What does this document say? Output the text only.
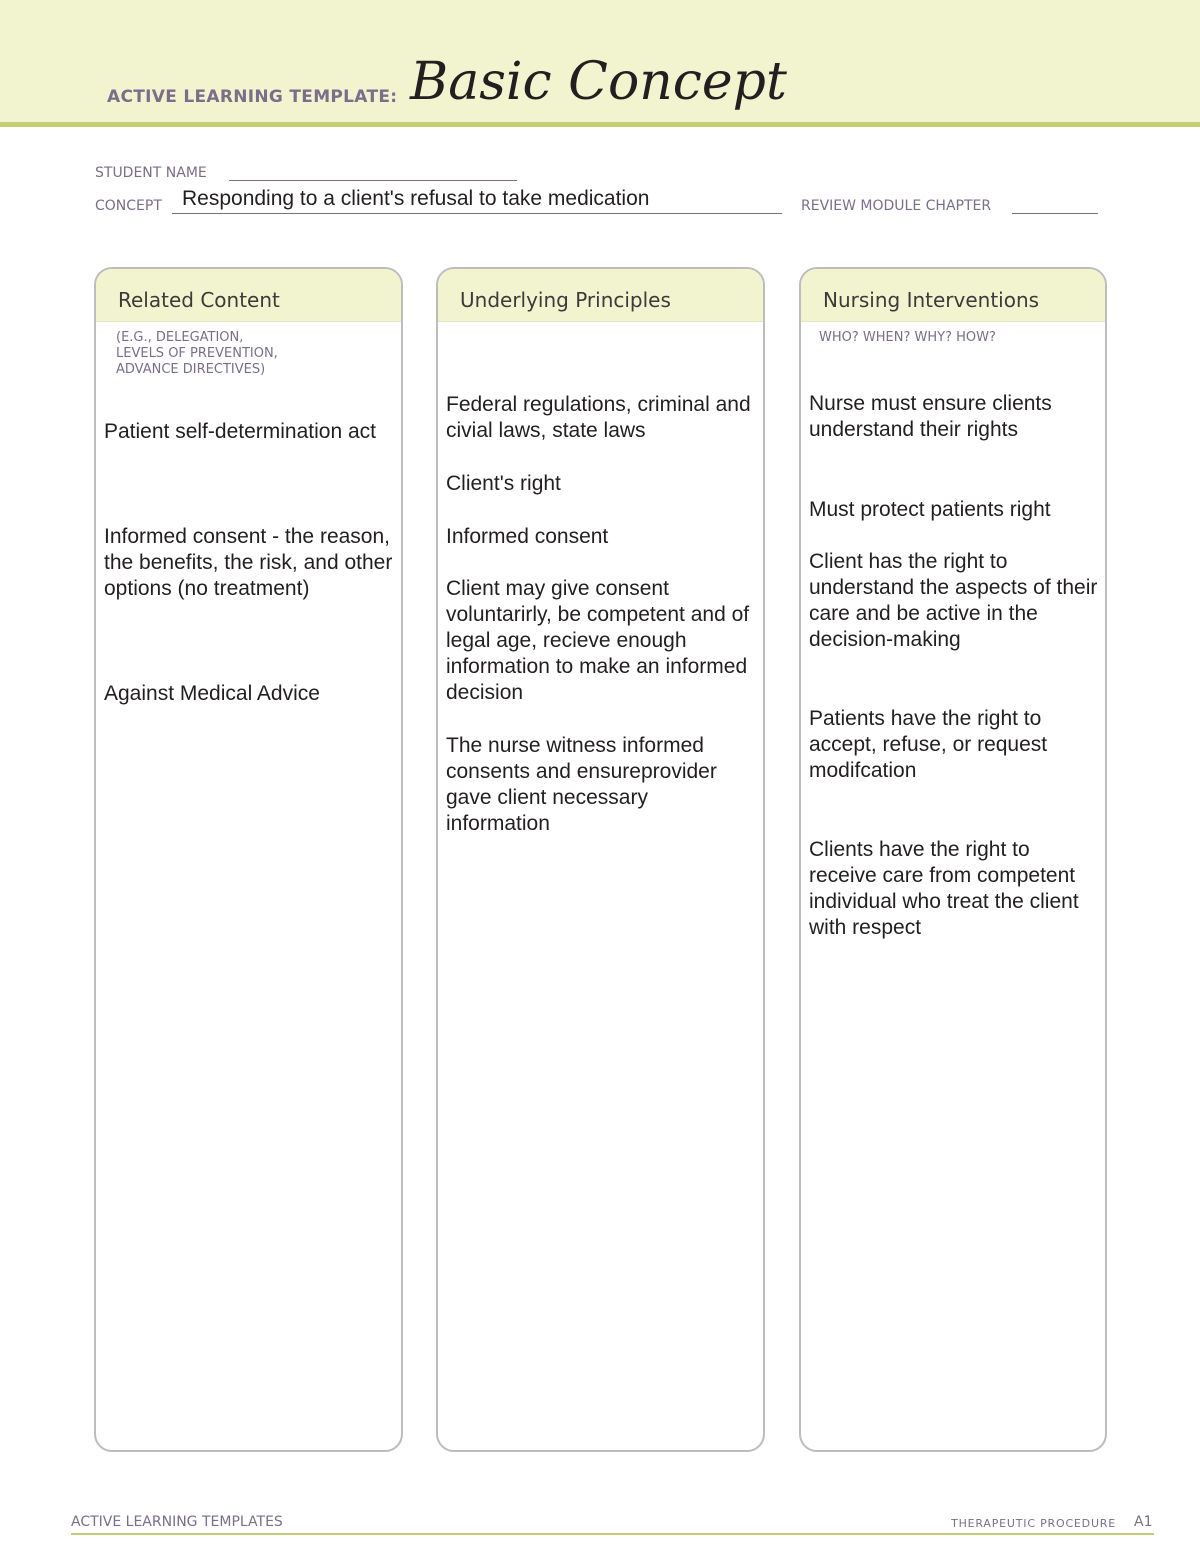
ACTIVE LEARNING TEMPLATE: Basic Concept
STUDENT NAME
CONCEPT Responding to a client's refusal to take medication	REVIEW MODULE CHAPTER
Related Content
(E.G., DELEGATION,
LEVELS OF PREVENTION,
ADVANCE DIRECTIVES)
Patient self-determination act
Informed consent - the reason, the benefits, the risk, and other options (no treatment)
Against Medical Advice
Underlying Principles
Federal regulations, criminal and civial laws, state laws
Client's right
Informed consent
Client may give consent voluntarirly, be competent and of legal age, recieve enough information to make an informed decision
The nurse witness informed consents and ensureprovider gave client necessary information
Nursing Interventions
WHO? WHEN? WHY? HOW?
Nurse must ensure clients understand their rights
Must protect patients right
Client has the right to understand the aspects of their care and be active in the decision-making
Patients have the right to accept, refuse, or request modifcation
Clients have the right to receive care from competent individual who treat the client with respect
ACTIVE LEARNING TEMPLATES	THERAPEUTIC PROCEDURE A1
